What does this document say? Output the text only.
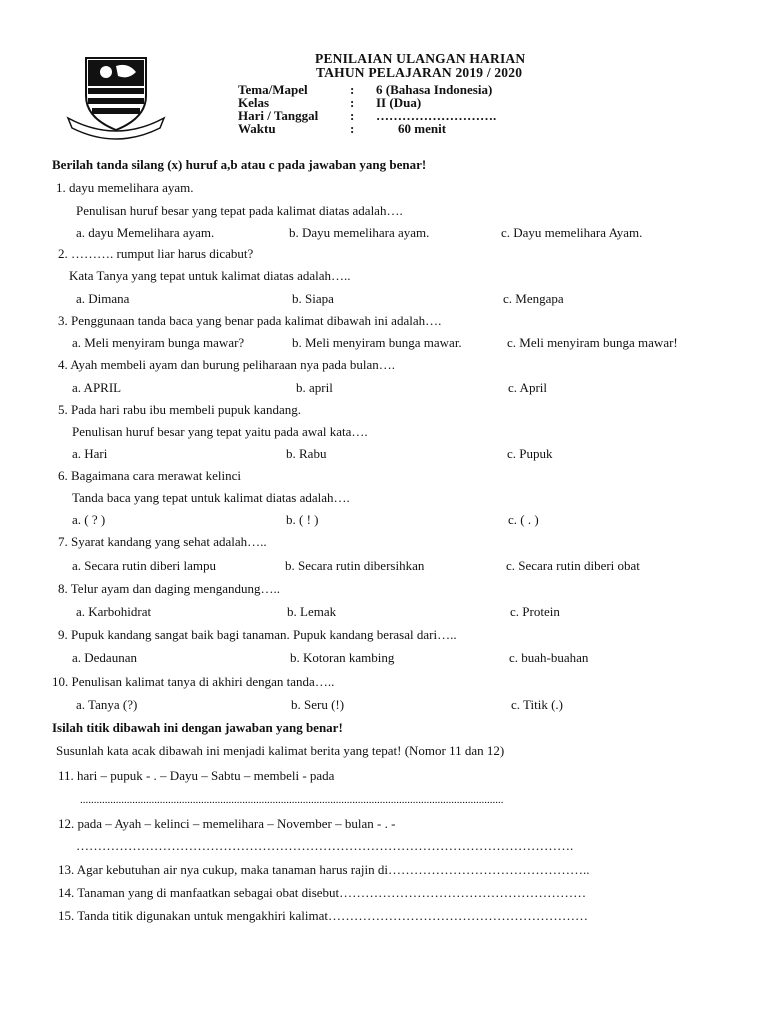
PENILAIAN ULANGAN HARIAN
TAHUN PELAJARAN 2019 / 2020
Tema/Mapel	: 6 (Bahasa Indonesia)
Kelas	: II (Dua)
Hari / Tanggal : ……………………….
Waktu	:	60 menit
Berilah tanda silang (x) huruf a,b atau c pada jawaban yang benar!
1. dayu memelihara ayam.
Penulisan huruf besar yang tepat pada kalimat diatas adalah….
a. dayu Memelihara ayam.	b. Dayu memelihara ayam.	c. Dayu memelihara Ayam.
2. ………. rumput liar harus dicabut?
Kata Tanya yang tepat untuk kalimat diatas adalah…..
a. Dimana	b. Siapa	c. Mengapa
3. Penggunaan tanda baca yang benar pada kalimat dibawah ini adalah….
a. Meli menyiram bunga mawar?	b. Meli menyiram bunga mawar.	c. Meli menyiram bunga mawar!
4. Ayah membeli ayam dan burung peliharaan nya pada bulan….
a. APRIL	b. april	c. April
5. Pada hari rabu ibu membeli pupuk kandang.
Penulisan huruf besar yang tepat yaitu pada awal kata….
a. Hari	b. Rabu	c. Pupuk
6. Bagaimana cara merawat kelinci
Tanda baca yang tepat untuk kalimat diatas adalah….
a. ( ? )	b. ( ! )	c. ( . )
7. Syarat kandang yang sehat adalah…..
a. Secara rutin diberi lampu	b. Secara rutin dibersihkan	c. Secara rutin diberi obat
8. Telur ayam dan daging mengandung…..
a. Karbohidrat	b. Lemak	c. Protein
9. Pupuk kandang sangat baik bagi tanaman. Pupuk kandang berasal dari…..
a. Dedaunan	b. Kotoran kambing	c. buah-buahan
10. Penulisan kalimat tanya di akhiri dengan tanda…..
a. Tanya (?)	b. Seru (!)	c. Titik (.)
Isilah titik dibawah ini dengan jawaban yang benar!
Susunlah kata acak dibawah ini menjadi kalimat berita yang tepat! (Nomor 11 dan 12)
11. hari – pupuk - . – Dayu – Sabtu – membeli - pada
..........................................................................................................................................................
12. pada – Ayah – kelinci – memelihara – November – bulan - . -
…………………………………………………………………………………………………….
13. Agar kebutuhan air nya cukup, maka tanaman harus rajin di………………………………………..
14. Tanaman yang di manfaatkan sebagai obat disebut…………………………………………………
15. Tanda titik digunakan untuk mengakhiri kalimat……………………………………………………
